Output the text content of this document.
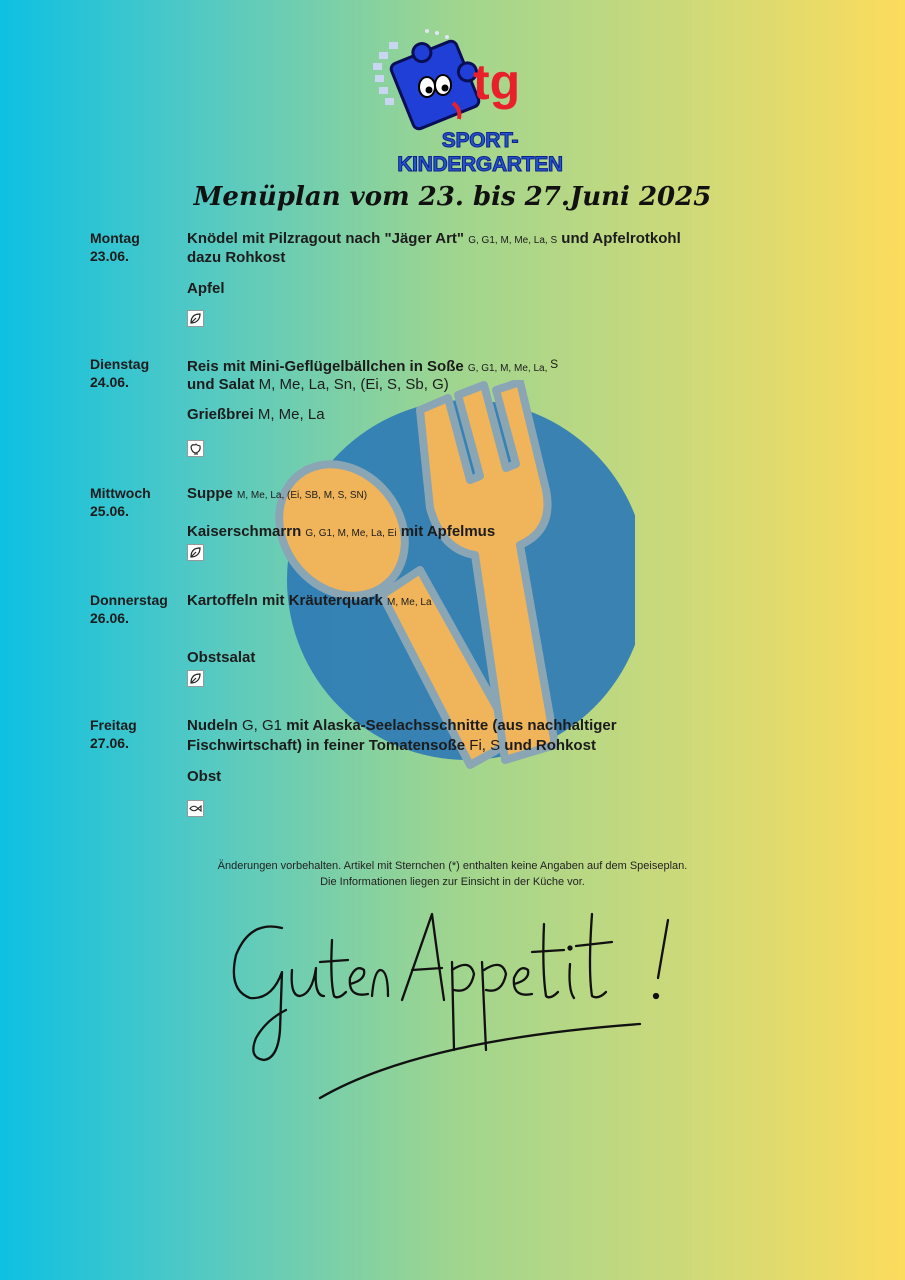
tg
SPORT-KINDERGARTEN
Menüplan vom 23. bis 27.Juni 2025
Montag
23.06.
Knödel mit Pilzragout nach "Jäger Art" G, G1, M, Me, La, S und Apfelrotkohl
dazu Rohkost
Apfel
Dienstag
24.06.
Reis mit Mini-Geflügelbällchen in Soße G, G1, M, Me, La, $^S$
und Salat M, Me, La, Sn, (Ei, S, Sb, G)
Grießbrei M, Me, La
Mittwoch
25.06.
Suppe M, Me, La, (Ei, SB, M, S, SN)
Kaiserschmarrn G, G1, M, Me, La, Ei mit Apfelmus
Donnerstag
26.06.
Kartoffeln mit Kräuterquark M, Me, La
Obstsalat
Freitag
27.06.
Nudeln G, G1 mit Alaska-Seelachsschnitte (aus nachhaltiger
Fischwirtschaft) in feiner Tomatensoße Fi, S und Rohkost
Obst
Änderungen vorbehalten. Artikel mit Sternchen (*) enthalten keine Angaben auf dem Speiseplan.
Die Informationen liegen zur Einsicht in der Küche vor.
